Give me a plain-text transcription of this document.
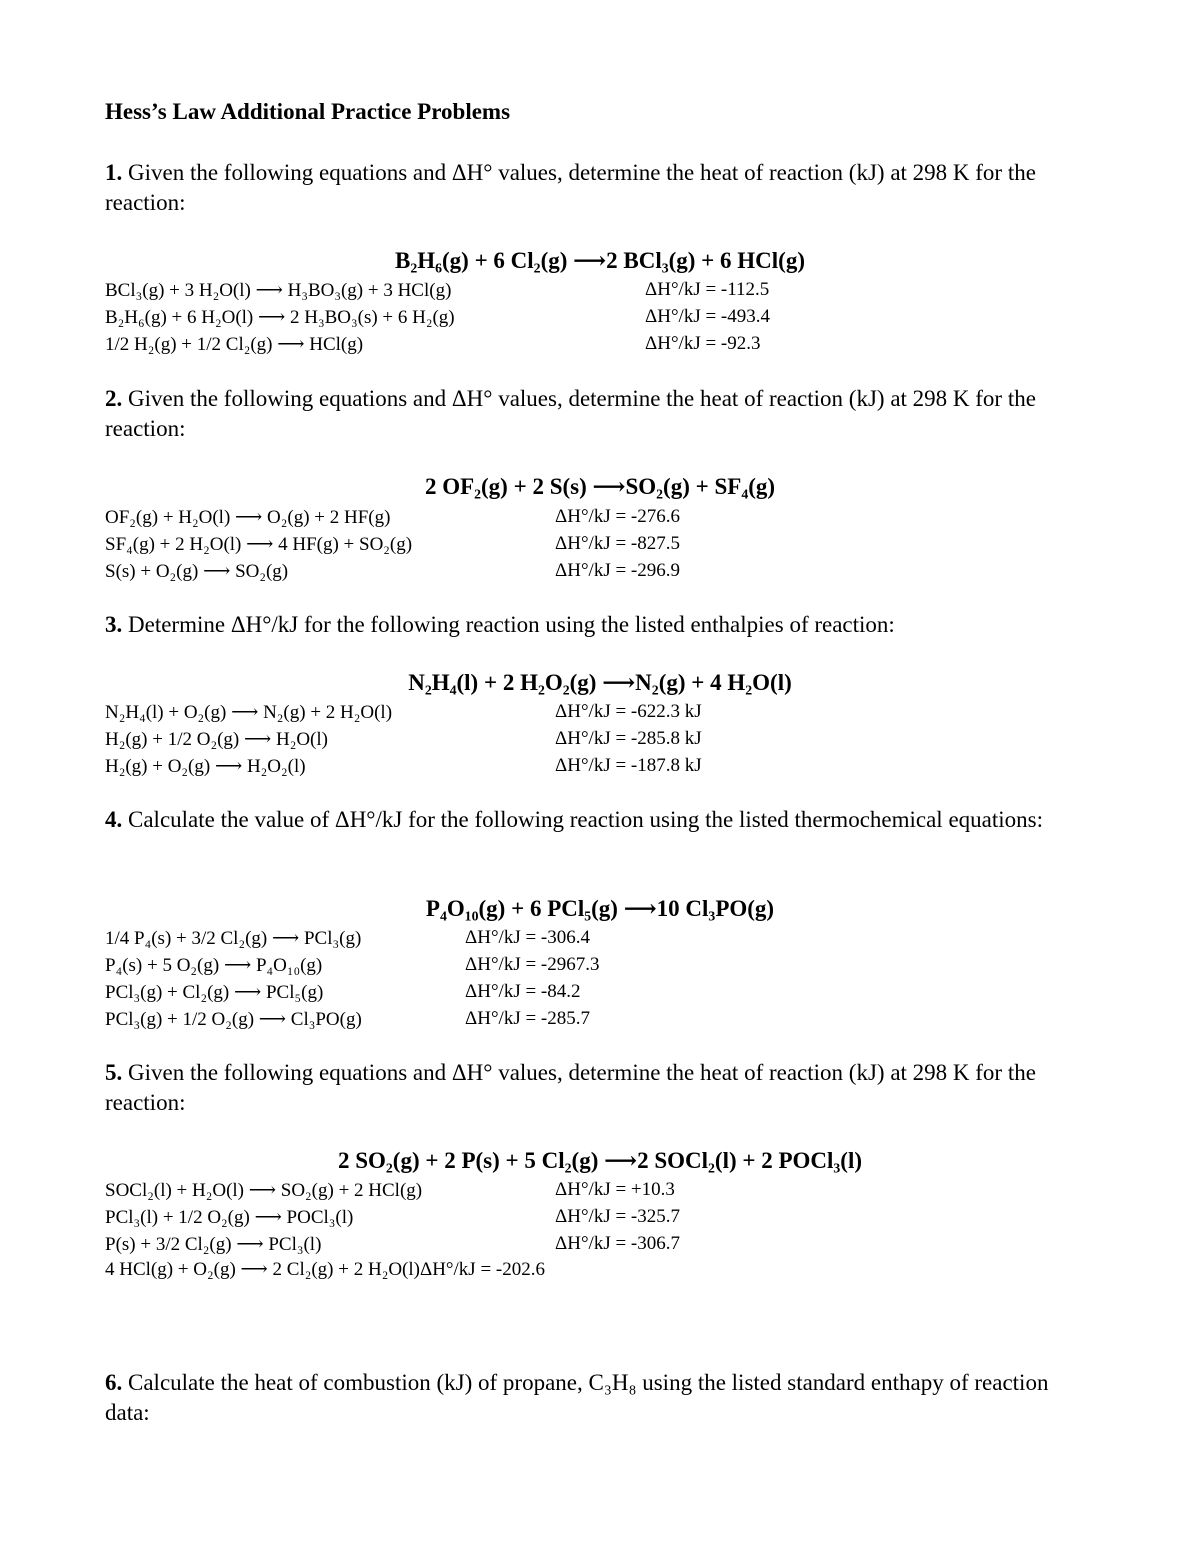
Hess’s Law Additional Practice Problems
1. Given the following equations and ΔH° values, determine the heat of reaction (kJ) at 298 K for the reaction:
B₂H₆(g) + 6 Cl₂(g) ⟶2 BCl₃(g) + 6 HCl(g)
BCl₃(g) + 3 H₂O(l) ⟶ H₃BO₃(g) + 3 HCl(g)	ΔH°/kJ = -112.5
B₂H₆(g) + 6 H₂O(l) ⟶ 2 H₃BO₃(s) + 6 H₂(g)	ΔH°/kJ = -493.4
1/2 H₂(g) + 1/2 Cl₂(g) ⟶ HCl(g)	ΔH°/kJ = -92.3
2. Given the following equations and ΔH° values, determine the heat of reaction (kJ) at 298 K for the reaction:
2 OF₂(g) + 2 S(s) ⟶SO₂(g) + SF₄(g)
OF₂(g) + H₂O(l) ⟶ O₂(g) + 2 HF(g)	ΔH°/kJ = -276.6
SF₄(g) + 2 H₂O(l) ⟶ 4 HF(g) + SO₂(g)	ΔH°/kJ = -827.5
S(s) + O₂(g) ⟶ SO₂(g)	ΔH°/kJ = -296.9
3. Determine ΔH°/kJ for the following reaction using the listed enthalpies of reaction:
N₂H₄(l) + 2 H₂O₂(g) ⟶N₂(g) + 4 H₂O(l)
N₂H₄(l) + O₂(g) ⟶ N₂(g) + 2 H₂O(l)	ΔH°/kJ = -622.3 kJ
H₂(g) + 1/2 O₂(g) ⟶ H₂O(l)	ΔH°/kJ = -285.8 kJ
H₂(g) + O₂(g) ⟶ H₂O₂(l)	ΔH°/kJ = -187.8 kJ
4. Calculate the value of ΔH°/kJ for the following reaction using the listed thermochemical equations:
P₄O₁₀(g) + 6 PCl₅(g) ⟶10 Cl₃PO(g)
1/4 P₄(s) + 3/2 Cl₂(g) ⟶ PCl₃(g)	ΔH°/kJ = -306.4
P₄(s) + 5 O₂(g) ⟶ P₄O₁₀(g)	ΔH°/kJ = -2967.3
PCl₃(g) + Cl₂(g) ⟶ PCl₅(g)	ΔH°/kJ = -84.2
PCl₃(g) + 1/2 O₂(g) ⟶ Cl₃PO(g)	ΔH°/kJ = -285.7
5. Given the following equations and ΔH° values, determine the heat of reaction (kJ) at 298 K for the reaction:
2 SO₂(g) + 2 P(s) + 5 Cl₂(g) ⟶2 SOCl₂(l) + 2 POCl₃(l)
SOCl₂(l) + H₂O(l) ⟶ SO₂(g) + 2 HCl(g)	ΔH°/kJ = +10.3
PCl₃(l) + 1/2 O₂(g) ⟶ POCl₃(l)	ΔH°/kJ = -325.7
P(s) + 3/2 Cl₂(g) ⟶ PCl₃(l)	ΔH°/kJ = -306.7
4 HCl(g) + O₂(g) ⟶ 2 Cl₂(g) + 2 H₂O(l)ΔH°/kJ = -202.6
6. Calculate the heat of combustion (kJ) of propane, C₃H₈ using the listed standard enthapy of reaction data:
